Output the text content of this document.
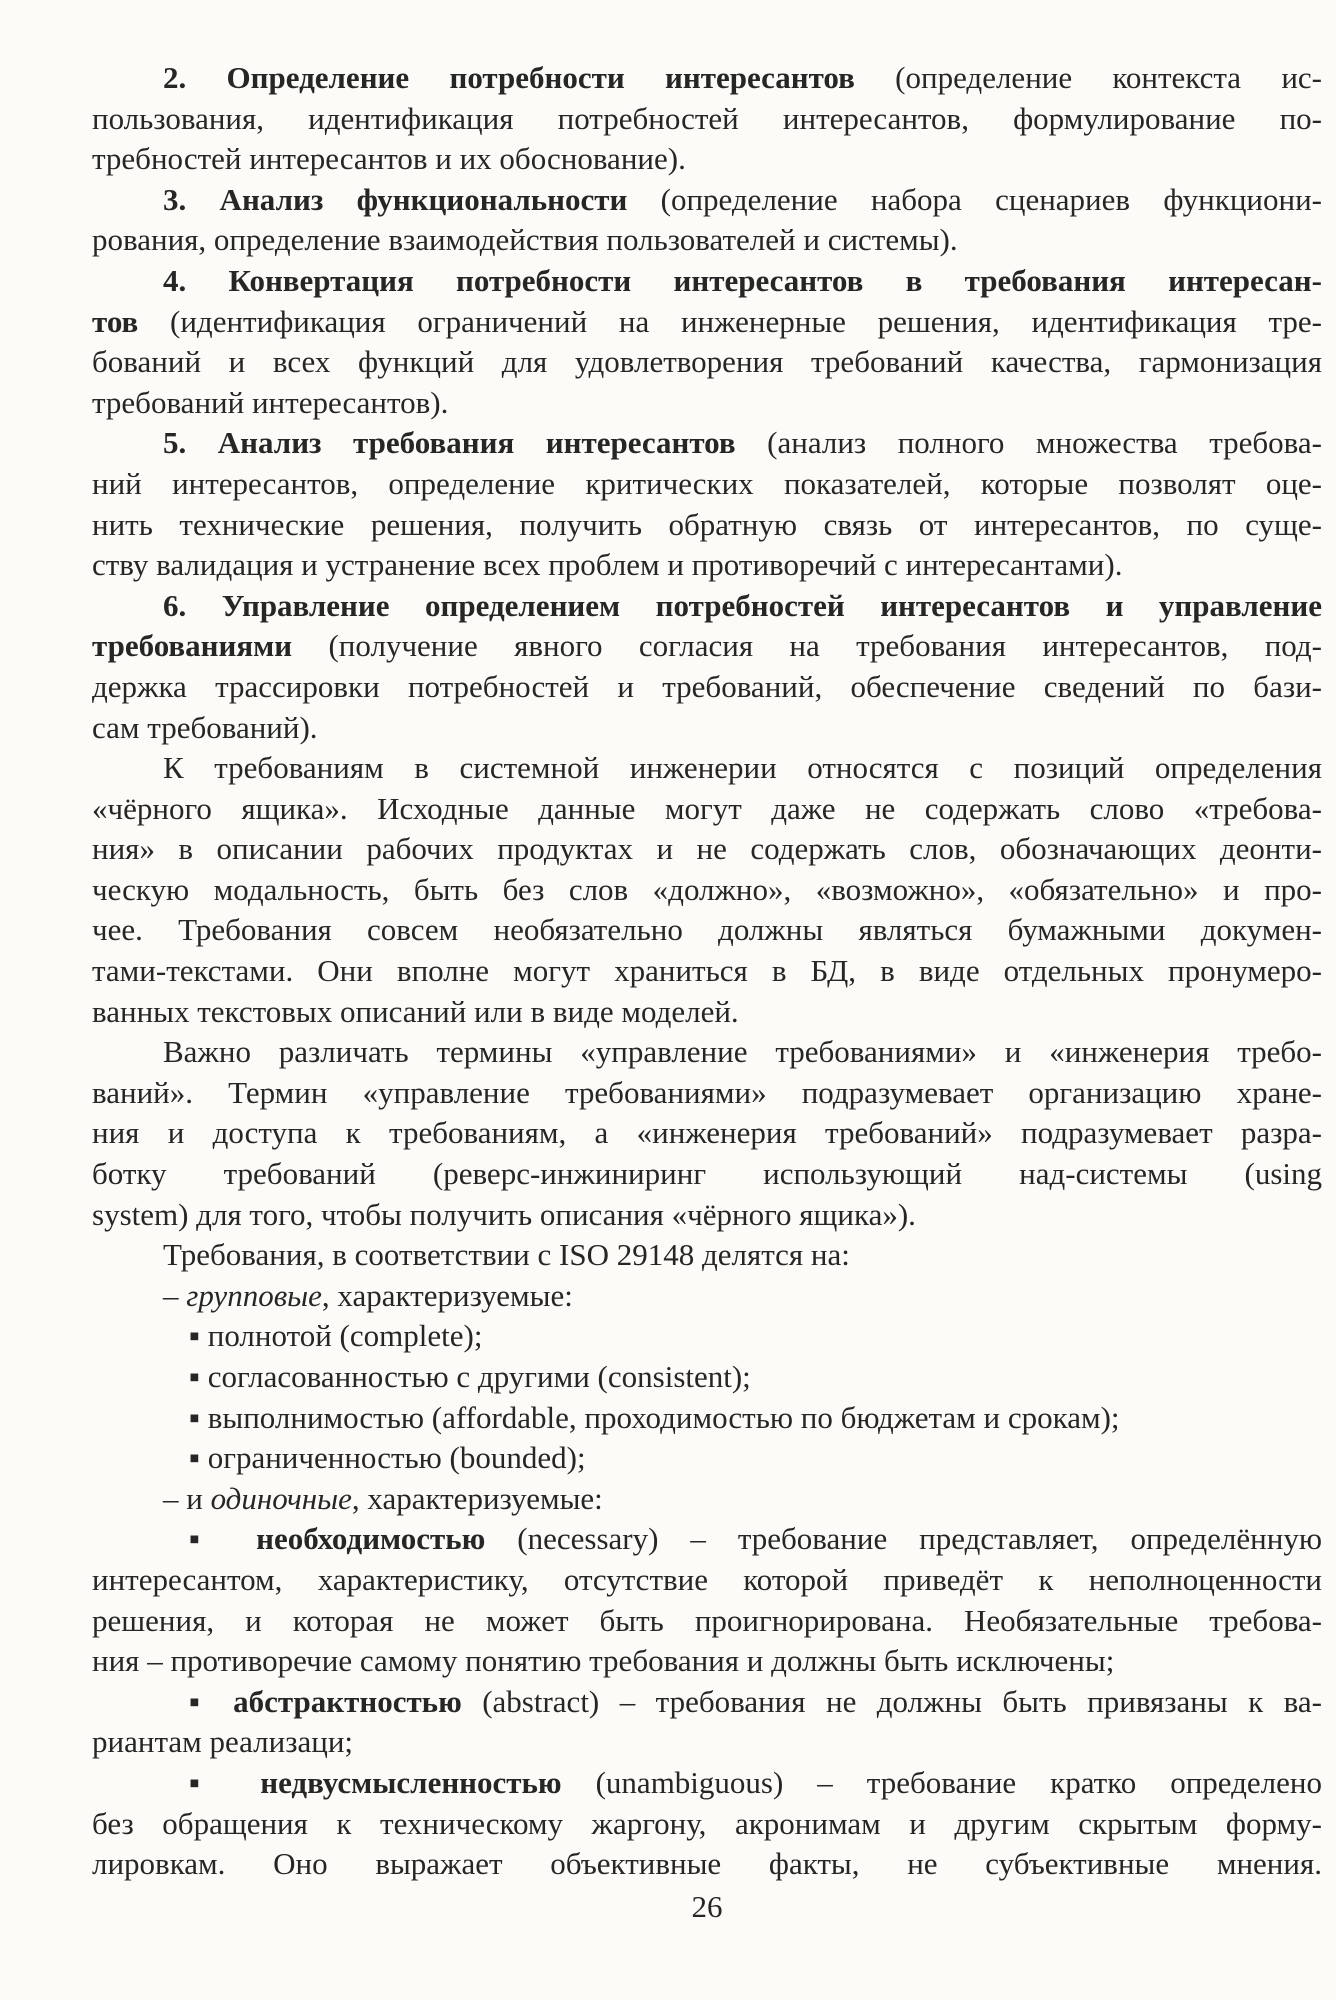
2. Определение потребности интересантов (определение контекста ис-
пользования, идентификация потребностей интересантов, формулирование по-
требностей интересантов и их обоснование).
3. Анализ функциональности (определение набора сценариев функциони-
рования, определение взаимодействия пользователей и системы).
4. Конвертация потребности интересантов в требования интересан-
тов (идентификация ограничений на инженерные решения, идентификация тре-
бований и всех функций для удовлетворения требований качества, гармонизация
требований интересантов).
5. Анализ требования интересантов (анализ полного множества требова-
ний интересантов, определение критических показателей, которые позволят оце-
нить технические решения, получить обратную связь от интересантов, по суще-
ству валидация и устранение всех проблем и противоречий с интересантами).
6. Управление определением потребностей интересантов и управление
требованиями (получение явного согласия на требования интересантов, под-
держка трассировки потребностей и требований, обеспечение сведений по бази-
сам требований).
К требованиям в системной инженерии относятся с позиций определения
«чёрного ящика». Исходные данные могут даже не содержать слово «требова-
ния» в описании рабочих продуктах и не содержать слов, обозначающих деонти-
ческую модальность, быть без слов «должно», «возможно», «обязательно» и про-
чее. Требования совсем необязательно должны являться бумажными докумен-
тами-текстами. Они вполне могут храниться в БД, в виде отдельных пронумеро-
ванных текстовых описаний или в виде моделей.
Важно различать термины «управление требованиями» и «инженерия требо-
ваний». Термин «управление требованиями» подразумевает организацию хране-
ния и доступа к требованиям, а «инженерия требований» подразумевает разра-
ботку требований (реверс-инжиниринг использующий над-системы (using
system) для того, чтобы получить описания «чёрного ящика»).
Требования, в соответствии с ISO 29148 делятся на:
– групповые, характеризуемые:
▪ полнотой (complete);
▪ согласованностью с другими (consistent);
▪ выполнимостью (affordable, проходимостью по бюджетам и срокам);
▪ ограниченностью (bounded);
– и одиночные, характеризуемые:
▪ необходимостью (necessary) – требование представляет, определённую
интересантом, характеристику, отсутствие которой приведёт к неполноценности
решения, и которая не может быть проигнорирована. Необязательные требова-
ния – противоречие самому понятию требования и должны быть исключены;
▪ абстрактностью (abstract) – требования не должны быть привязаны к ва-
риантам реализаци;
▪ недвусмысленностью (unambiguous) – требование кратко определено
без обращения к техническому жаргону, акронимам и другим скрытым форму-
лировкам. Оно выражает объективные факты, не субъективные мнения.
26
